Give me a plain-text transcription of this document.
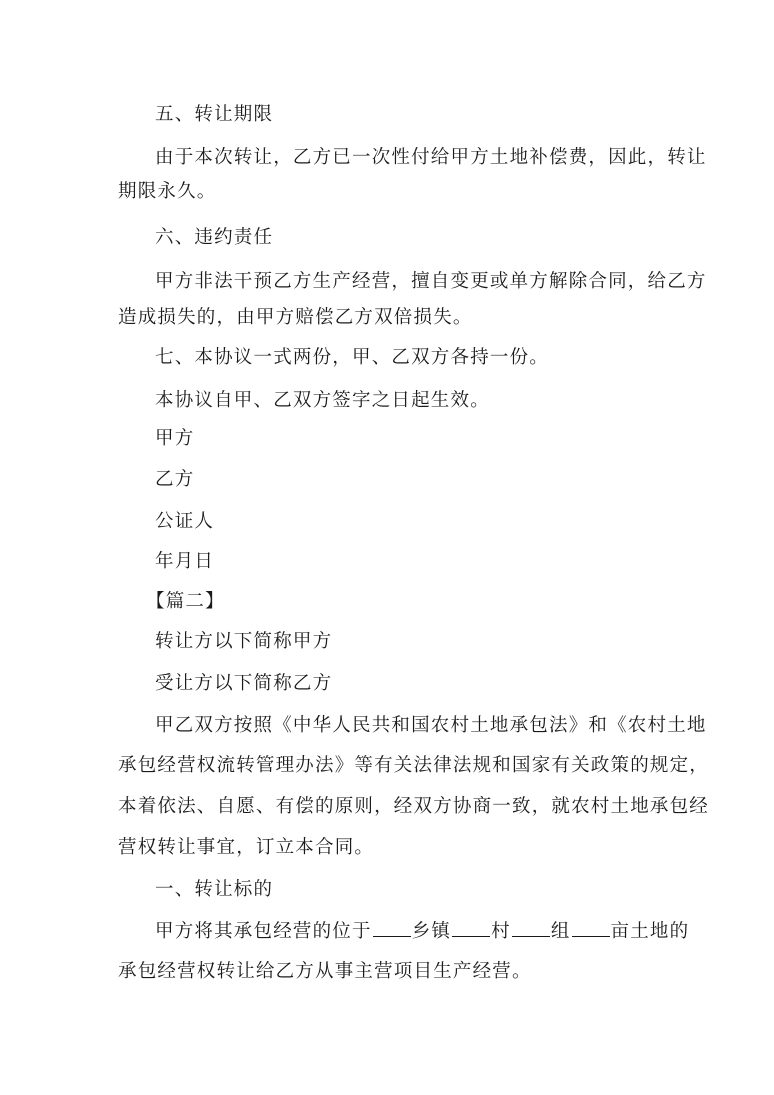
五、转让期限
由于本次转让，乙方已一次性付给甲方土地补偿费，因此，转让
期限永久。
六、违约责任
甲方非法干预乙方生产经营，擅自变更或单方解除合同，给乙方
造成损失的，由甲方赔偿乙方双倍损失。
七、本协议一式两份，甲、乙双方各持一份。
本协议自甲、乙双方签字之日起生效。
甲方
乙方
公证人
年月日
【篇二】
转让方以下简称甲方
受让方以下简称乙方
甲乙双方按照《中华人民共和国农村土地承包法》和《农村土地
承包经营权流转管理办法》等有关法律法规和国家有关政策的规定，
本着依法、自愿、有偿的原则，经双方协商一致，就农村土地承包经
营权转让事宜，订立本合同。
一、转让标的
甲方将其承包经营的位于 乡镇 村 组 亩土地的
承包经营权转让给乙方从事主营项目生产经营。
